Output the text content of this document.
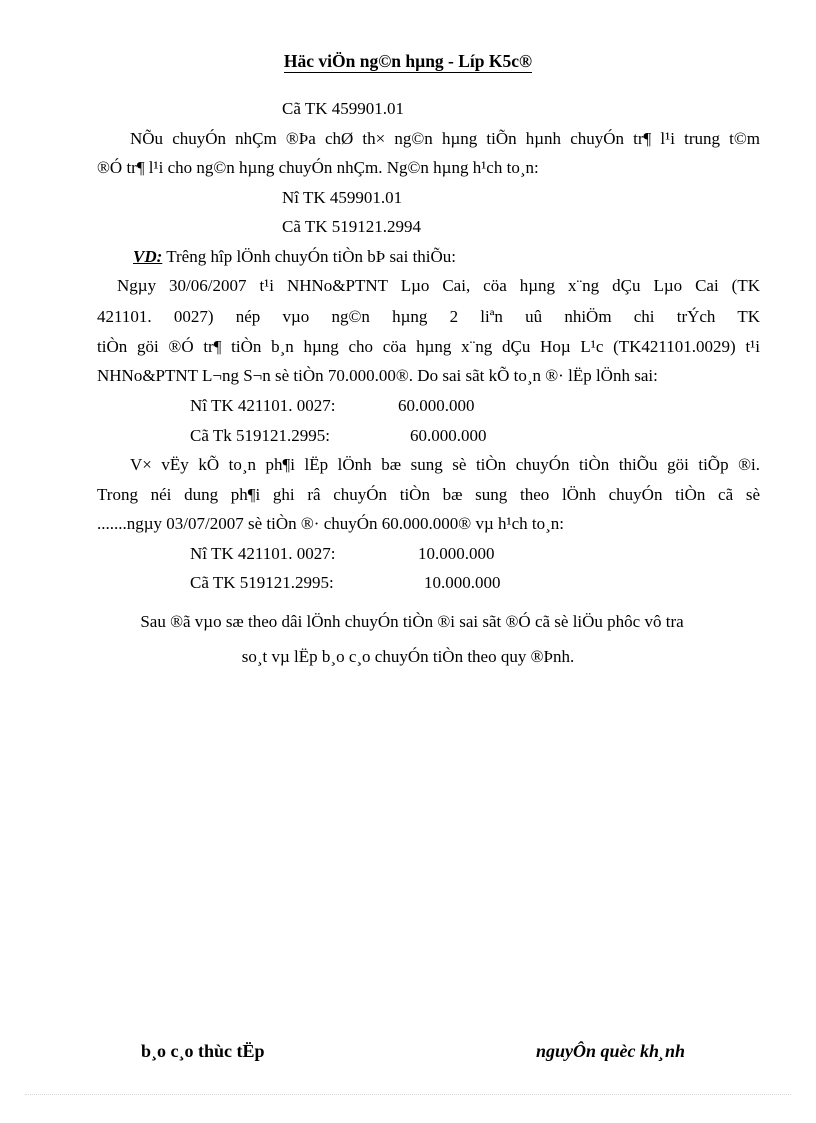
Häc viÖn ng©n hµng - Líp K5c®
Cã TK 459901.01
NÕu chuyÓn nhÇm ®Þa chØ th× ng©n hµng tiÕn hµnh chuyÓn tr¶ l¹i trung t©m
®Ó tr¶ l¹i cho ng©n hµng chuyÓn nhÇm. Ng©n hµng h¹ch to¸n:
Nî TK 459901.01
Cã TK 519121.2994
VD: Trêng hîp lÖnh chuyÓn tiÒn bÞ sai thiÕu:
Ngµy 30/06/2007 t¹i NHNo&PTNT Lµo Cai, cöa hµng x¨ng dÇu Lµo Cai (TK
421101. 0027) nép vµo ng©n hµng 2 liªn uû nhiÖm chi trÝch TK
tiÒn göi ®Ó tr¶ tiÒn b¸n hµng cho cöa hµng x¨ng dÇu Hoµ L¹c (TK421101.0029) t¹i
NHNo&PTNT L¬ng S¬n sè tiÒn 70.000.00®. Do sai sãt kÕ to¸n ®· lËp lÖnh sai:
Nî TK 421101. 0027:	60.000.000
Cã Tk 519121.2995:	60.000.000
V× vËy kÕ to¸n ph¶i lËp lÖnh bæ sung sè tiÒn chuyÓn tiÒn thiÕu göi tiÕp ®i.
Trong néi dung ph¶i ghi râ chuyÓn tiÒn bæ sung theo lÖnh chuyÓn tiÒn cã sè
.......ngµy 03/07/2007 sè tiÒn ®· chuyÓn 60.000.000® vµ h¹ch to¸n:
Nî TK 421101. 0027:	10.000.000
Cã TK 519121.2995:	10.000.000
Sau ®ã vµo sæ theo dâi lÖnh chuyÓn tiÒn ®i sai sãt ®Ó cã sè liÖu phôc vô tra
so¸t vµ lËp b¸o c¸o chuyÓn tiÒn theo quy ®Þnh.
b¸o c¸o thùc tËp	nguyÔn quèc kh¸nh
